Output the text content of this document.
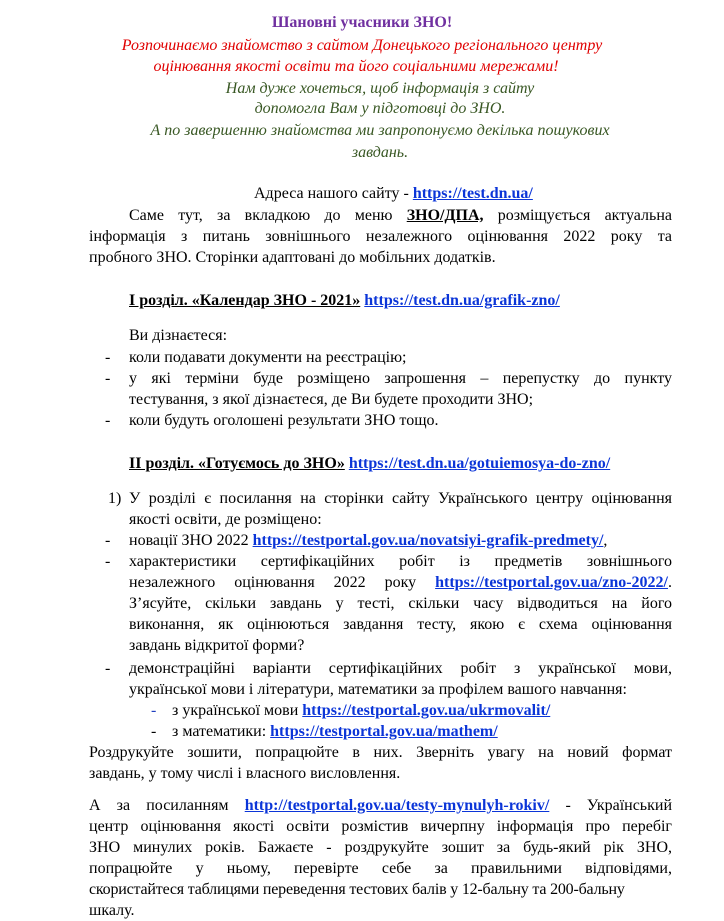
Шановні учасники ЗНО!
Розпочинаємо знайомство з сайтом Донецького регіонального центру
оцінювання якості освіти та його соціальними мережами!
Нам дуже хочеться, щоб інформація з сайту
допомогла Вам у підготовці до ЗНО.
А по завершенню знайомства ми запропонуємо декілька пошукових
завдань.
Адреса нашого сайту - https://test.dn.ua/
Саме тут, за вкладкою до меню ЗНО/ДПА, розміщується актуальна
інформація з питань зовнішнього незалежного оцінювання 2022 року та
пробного ЗНО. Сторінки адаптовані до мобільних додатків.
І розділ. «Календар ЗНО - 2021» https://test.dn.ua/grafik-zno/
Ви дізнаєтеся:
- коли подавати документи на реєстрацію;
- у які терміни буде розміщено запрошення – перепустку до пункту
тестування, з якої дізнаєтеся, де Ви будете проходити ЗНО;
- коли будуть оголошені результати ЗНО тощо.
ІІ розділ. «Готуємось до ЗНО» https://test.dn.ua/gotuiemosya-do-zno/
1) У розділі є посилання на сторінки сайту Українського центру оцінювання
якості освіти, де розміщено:
- новації ЗНО 2022 https://testportal.gov.ua/novatsiyi-grafik-predmety/,
- характеристики сертифікаційних робіт із предметів зовнішнього
незалежного оцінювання 2022 року https://testportal.gov.ua/zno-2022/.
З’ясуйте, скільки завдань у тесті, скільки часу відводиться на його
виконання, як оцінюються завдання тесту, якою є схема оцінювання
завдань відкритої форми?
- демонстраційні варіанти сертифікаційних робіт з української мови,
української мови і літератури, математики за профілем вашого навчання:
- з української мови https://testportal.gov.ua/ukrmovalit/
- з математики: https://testportal.gov.ua/mathem/
Роздрукуйте зошити, попрацюйте в них. Зверніть увагу на новий формат
завдань, у тому числі і власного висловлення.
А за посиланням http://testportal.gov.ua/testy-mynulyh-rokiv/ - Український
центр оцінювання якості освіти розмістив вичерпну інформація про перебіг
ЗНО минулих років. Бажаєте - роздрукуйте зошит за будь-який рік ЗНО,
попрацюйте у ньому, перевірте себе за правильними відповідями,
скористайтеся таблицями переведення тестових балів у 12-бальну та 200-бальну
шкалу.
